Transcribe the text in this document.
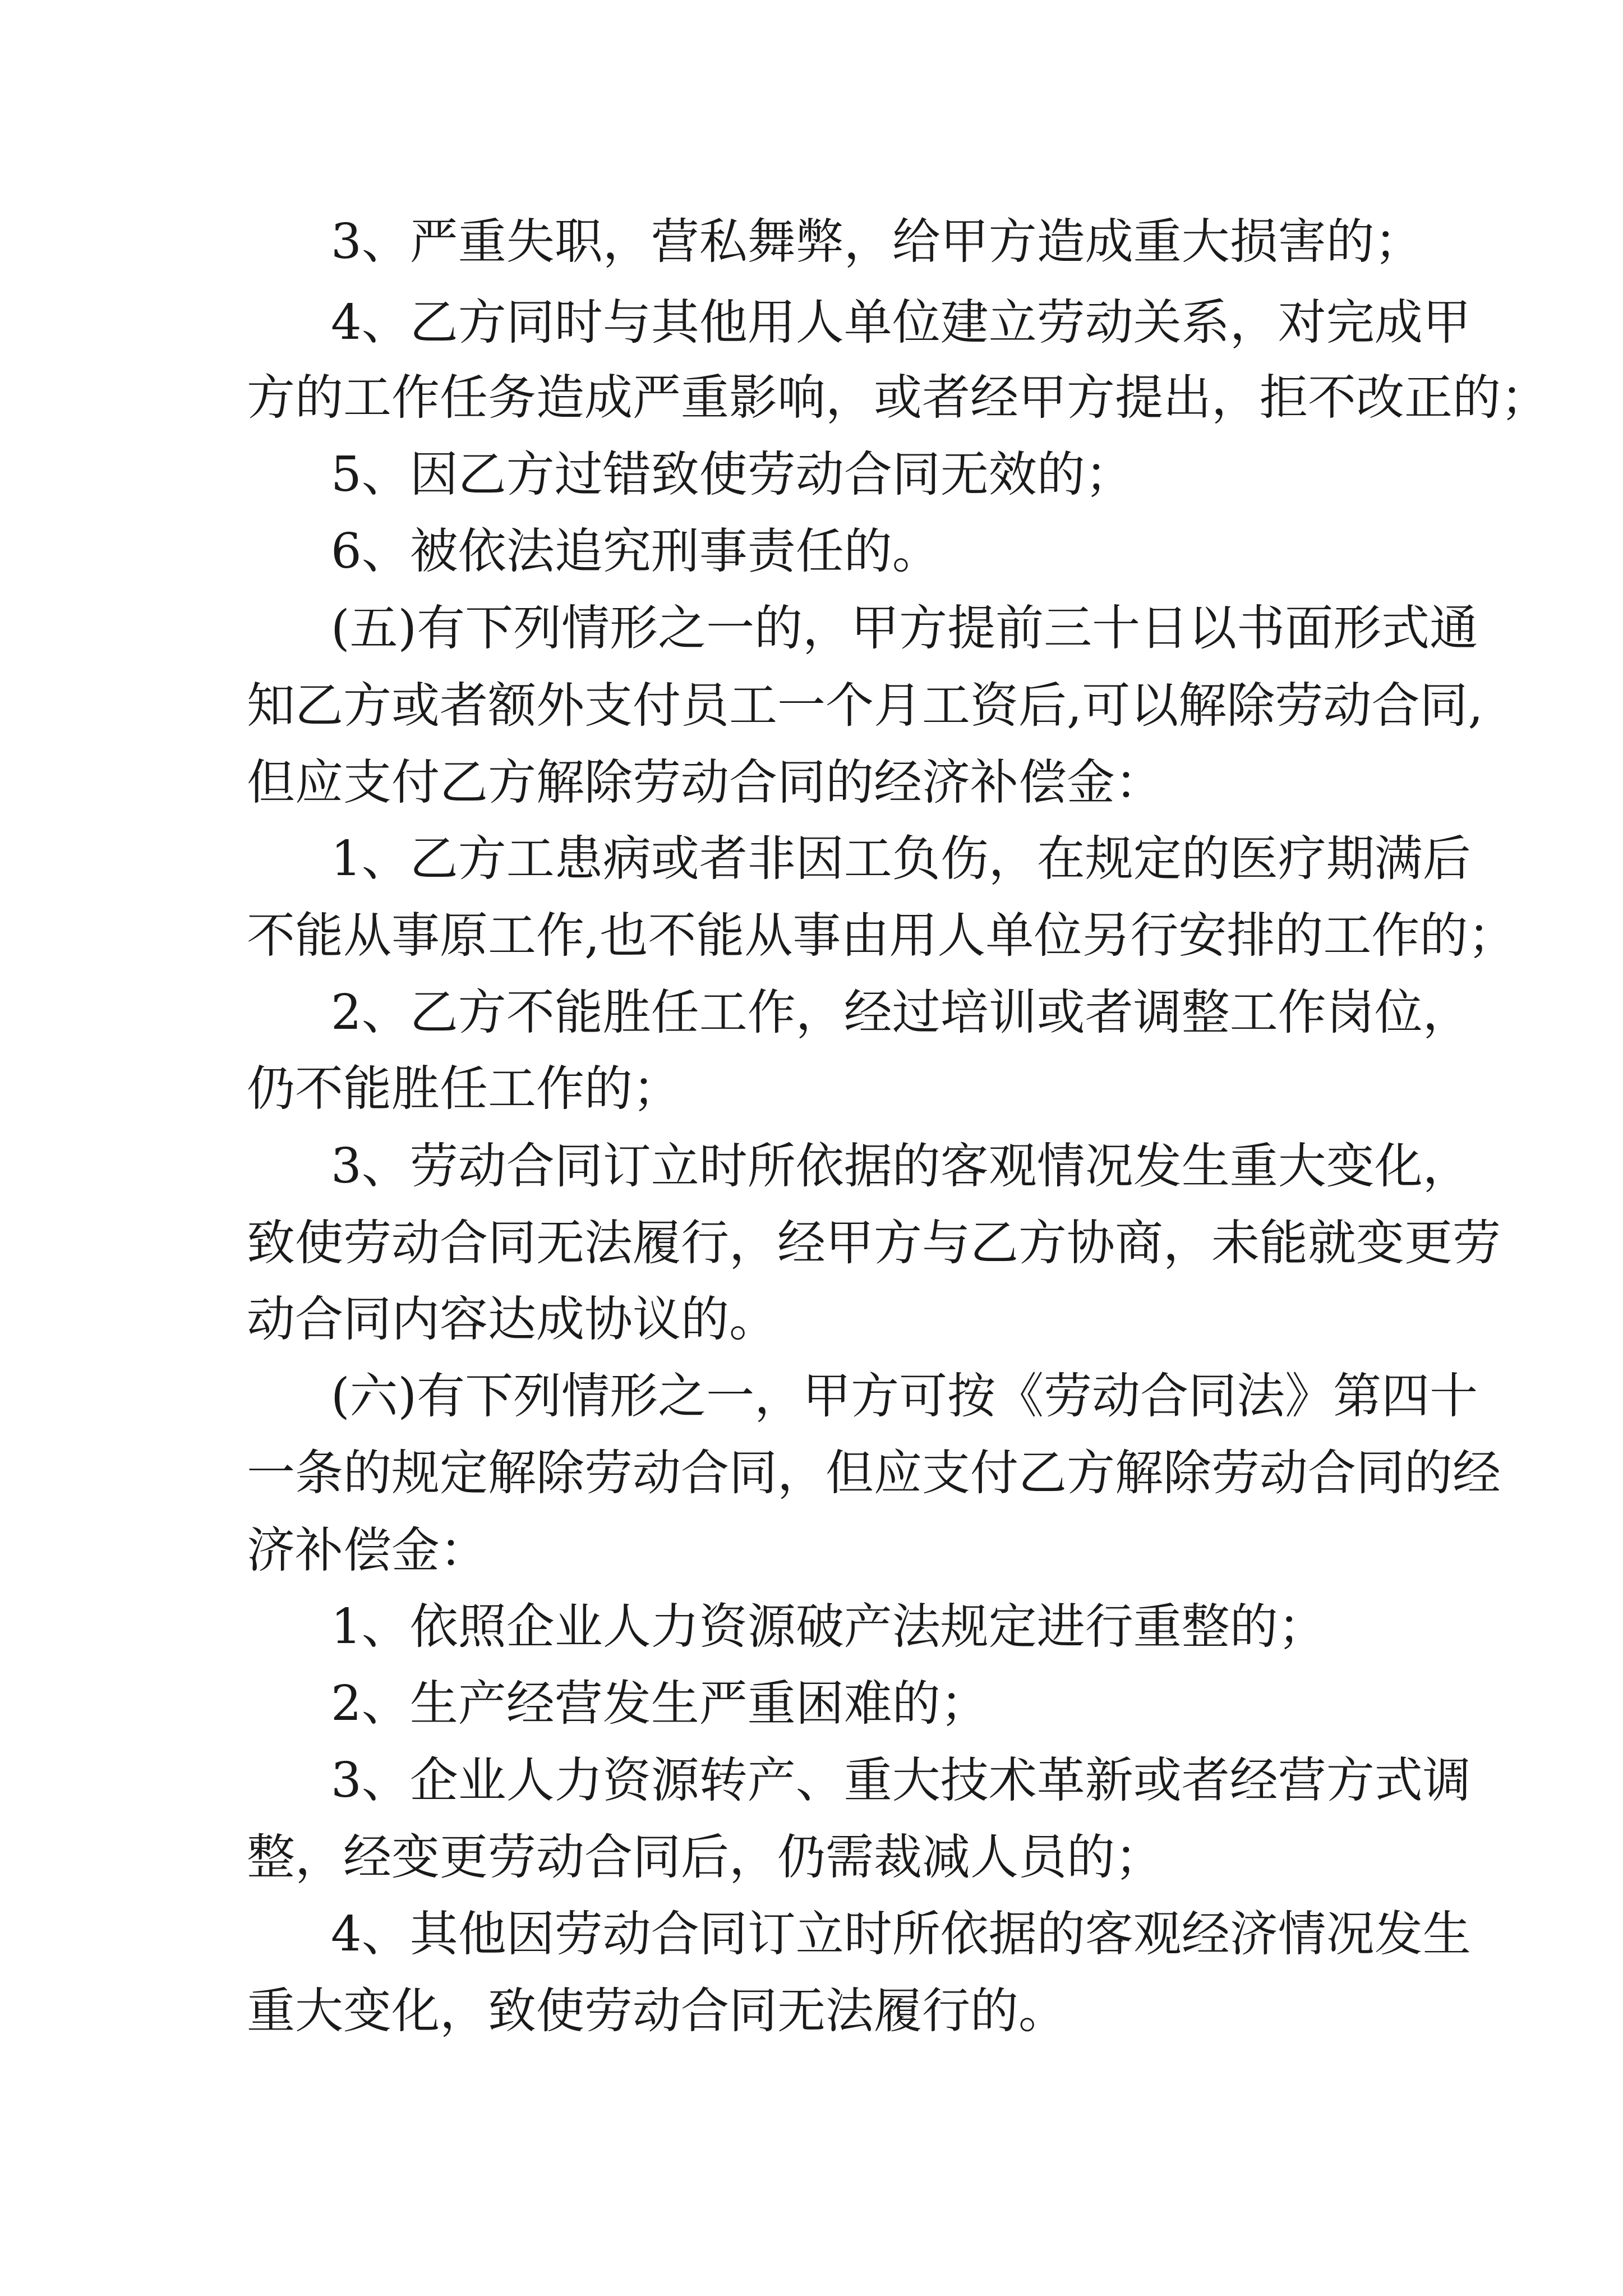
3、严重失职，营私舞弊，给甲方造成重大损害的；
4、乙方同时与其他用人单位建立劳动关系，对完成甲
方的工作任务造成严重影响，或者经甲方提出，拒不改正的；
5、因乙方过错致使劳动合同无效的；
6、被依法追究刑事责任的。
(五)有下列情形之一的，甲方提前三十日以书面形式通
知乙方或者额外支付员工一个月工资后,可以解除劳动合同,
但应支付乙方解除劳动合同的经济补偿金：
1、乙方工患病或者非因工负伤，在规定的医疗期满后
不能从事原工作,也不能从事由用人单位另行安排的工作的；
2、乙方不能胜任工作，经过培训或者调整工作岗位，
仍不能胜任工作的；
3、劳动合同订立时所依据的客观情况发生重大变化，
致使劳动合同无法履行，经甲方与乙方协商，未能就变更劳
动合同内容达成协议的。
(六)有下列情形之一，甲方可按《劳动合同法》第四十
一条的规定解除劳动合同，但应支付乙方解除劳动合同的经
济补偿金：
1、依照企业人力资源破产法规定进行重整的；
2、生产经营发生严重困难的；
3、企业人力资源转产、重大技术革新或者经营方式调
整，经变更劳动合同后，仍需裁减人员的；
4、其他因劳动合同订立时所依据的客观经济情况发生
重大变化，致使劳动合同无法履行的。
